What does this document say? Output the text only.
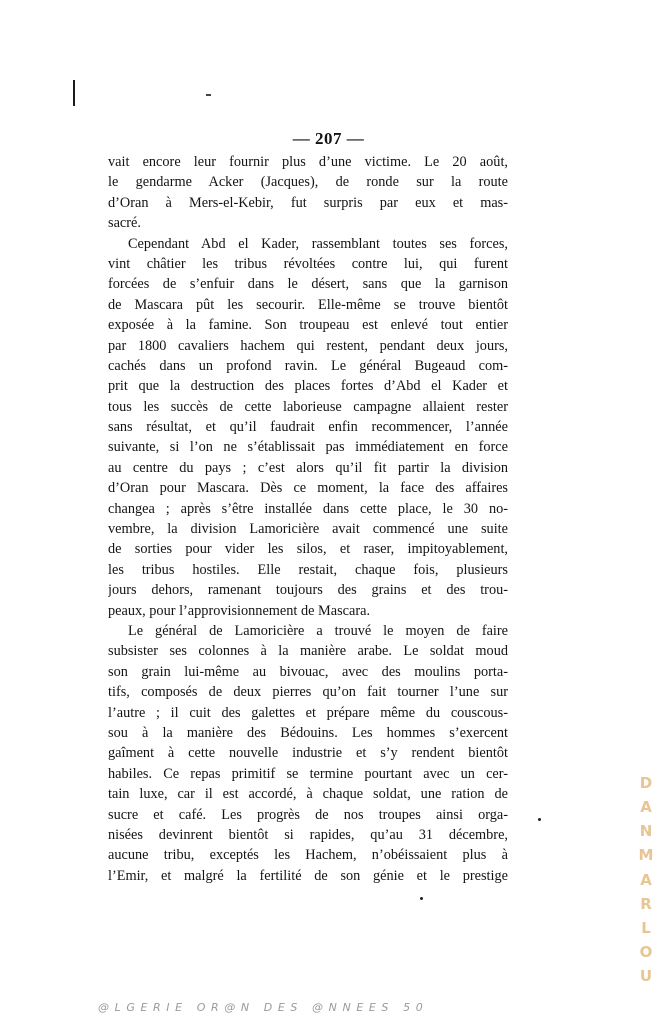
— 207 —
vait encore leur fournir plus d’une victime. Le 20 août,
le gendarme Acker (Jacques), de ronde sur la route
d’Oran à Mers-el-Kebir, fut surpris par eux et mas-
sacré.
Cependant Abd el Kader, rassemblant toutes ses forces,
vint châtier les tribus révoltées contre lui, qui furent
forcées de s’enfuir dans le désert, sans que la garnison
de Mascara pût les secourir. Elle-même se trouve bientôt
exposée à la famine. Son troupeau est enlevé tout entier
par 1800 cavaliers hachem qui restent, pendant deux jours,
cachés dans un profond ravin. Le général Bugeaud com-
prit que la destruction des places fortes d’Abd el Kader et
tous les succès de cette laborieuse campagne allaient rester
sans résultat, et qu’il faudrait enfin recommencer, l’année
suivante, si l’on ne s’établissait pas immédiatement en force
au centre du pays ; c’est alors qu’il fit partir la division
d’Oran pour Mascara. Dès ce moment, la face des affaires
changea ; après s’être installée dans cette place, le 30 no-
vembre, la division Lamoricière avait commencé une suite
de sorties pour vider les silos, et raser, impitoyablement,
les tribus hostiles. Elle restait, chaque fois, plusieurs
jours dehors, ramenant toujours des grains et des trou-
peaux, pour l’approvisionnement de Mascara.
Le général de Lamoricière a trouvé le moyen de faire
subsister ses colonnes à la manière arabe. Le soldat moud
son grain lui-même au bivouac, avec des moulins porta-
tifs, composés de deux pierres qu’on fait tourner l’une sur
l’autre ; il cuit des galettes et prépare même du couscous-
sou à la manière des Bédouins. Les hommes s’exercent
gaîment à cette nouvelle industrie et s’y rendent bientôt
habiles. Ce repas primitif se termine pourtant avec un cer-
tain luxe, car il est accordé, à chaque soldat, une ration de
sucre et café. Les progrès de nos troupes ainsi orga-
nisées devinrent bientôt si rapides, qu’au 31 décembre,
aucune tribu, exceptés les Hachem, n’obéissaient plus à
l’Emir, et malgré la fertilité de son génie et le prestige
D
A
N
M
A
R
L
O
U
@LGERIE OR@N DES @NNEES 50
